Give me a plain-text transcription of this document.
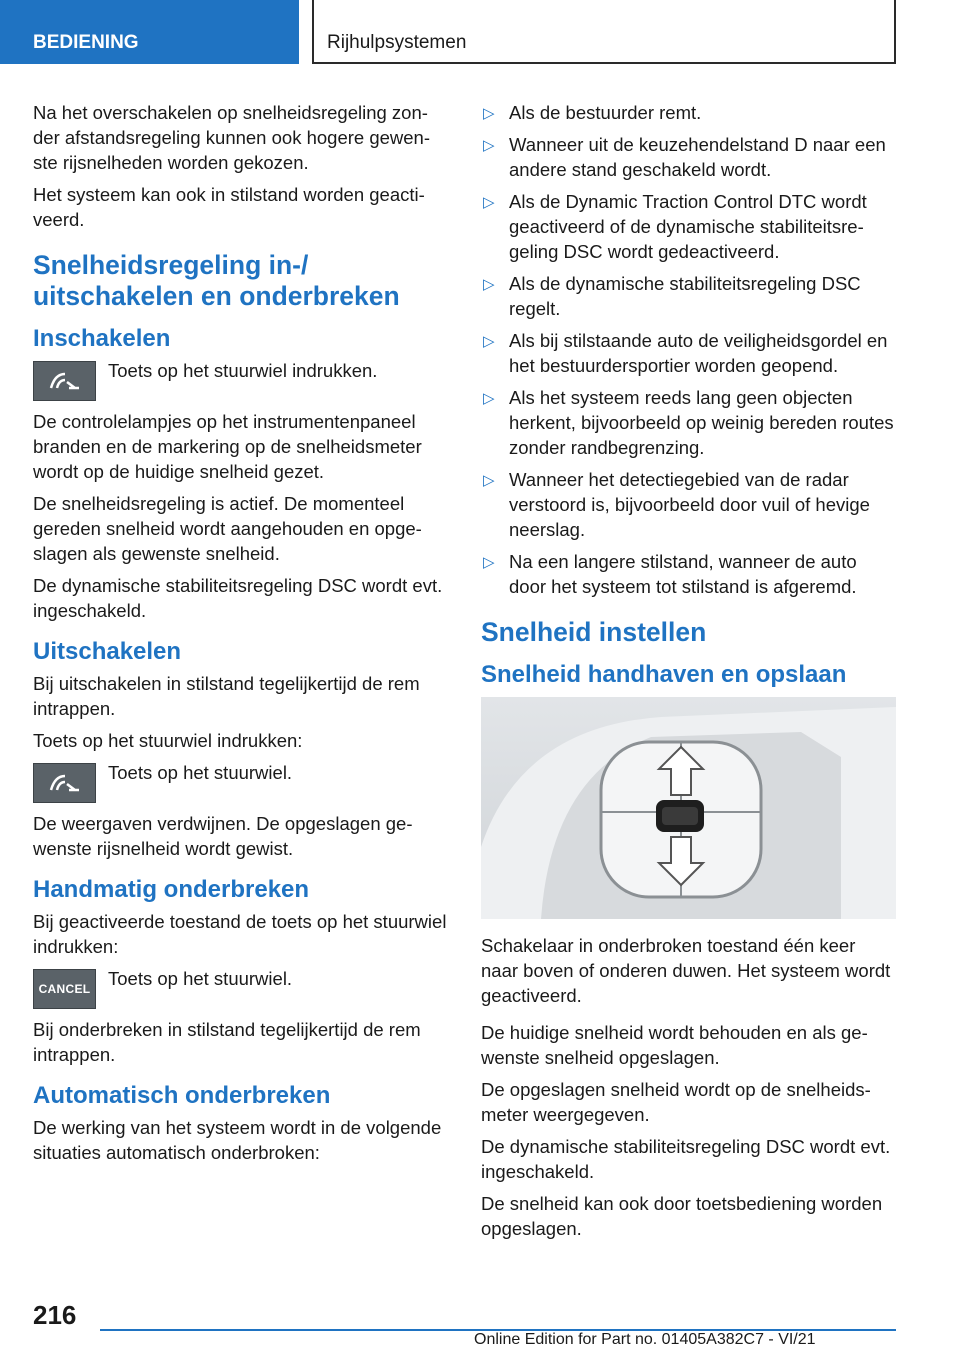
BEDIENING	Rijhulpsystemen

Na het overschakelen op snelheidsregeling zonder afstandsregeling kunnen ook hogere gewenste rijsnelheden worden gekozen.

Het systeem kan ook in stilstand worden geactiveerd.

Snelheidsregeling in-/ uitschakelen en onderbreken
Inschakelen
Toets op het stuurwiel indrukken.

De controlelampjes op het instrumentenpaneel branden en de markering op de snelheidsmeter wordt op de huidige snelheid gezet.

De snelheidsregeling is actief. De momenteel gereden snelheid wordt aangehouden en opgeslagen als gewenste snelheid.

De dynamische stabiliteitsregeling DSC wordt evt. ingeschakeld.

Uitschakelen

Bij uitschakelen in stilstand tegelijkertijd de rem intrappen.

Toets op het stuurwiel indrukken:

Toets op het stuurwiel.

De weergaven verdwijnen. De opgeslagen gewenste rijsnelheid wordt gewist.

Handmatig onderbreken

Bij geactiveerde toestand de toets op het stuurwiel indrukken:

CANCEL Toets op het stuurwiel.

Bij onderbreken in stilstand tegelijkertijd de rem intrappen.

Automatisch onderbreken

De werking van het systeem wordt in de volgende situaties automatisch onderbroken:

▷ Als de bestuurder remt.
▷ Wanneer uit de keuzehendelstand D naar een andere stand geschakeld wordt.
▷ Als de Dynamic Traction Control DTC wordt geactiveerd of de dynamische stabiliteitsregeling DSC wordt gedeactiveerd.
▷ Als de dynamische stabiliteitsregeling DSC regelt.
▷ Als bij stilstaande auto de veiligheidsgordel en het bestuurdersportier worden geopend.
▷ Als het systeem reeds lang geen objecten herkent, bijvoorbeeld op weinig bereden routes zonder randbegrenzing.
▷ Wanneer het detectiegebied van de radar verstoord is, bijvoorbeeld door vuil of hevige neerslag.
▷ Na een langere stilstand, wanneer de auto door het systeem tot stilstand is afgeremd.
Snelheid instellen
Snelheid handhaven en opslaan

Schakelaar in onderbroken toestand één keer naar boven of onderen duwen. Het systeem wordt geactiveerd.

De huidige snelheid wordt behouden en als gewenste snelheid opgeslagen.

De opgeslagen snelheid wordt op de snelheidsmeter weergegeven.

De dynamische stabiliteitsregeling DSC wordt evt. ingeschakeld.

De snelheid kan ook door toetsbediening worden opgeslagen.

216
Online Edition for Part no. 01405A382C7 - VI/21
